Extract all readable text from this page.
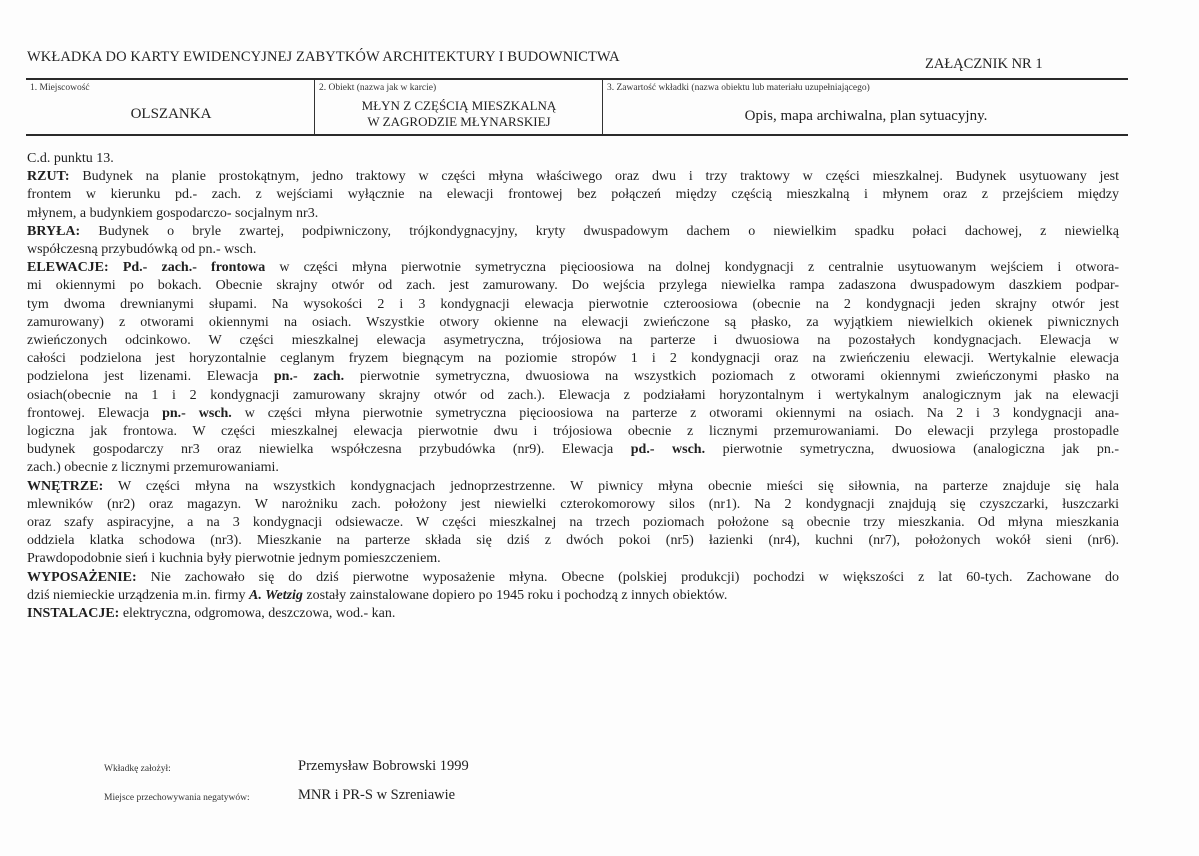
WKŁADKA DO KARTY EWIDENCYJNEJ ZABYTKÓW ARCHITEKTURY I BUDOWNICTWA	ZAŁĄCZNIK NR 1
1. Miejscowość
OLSZANKA
2. Obiekt (nazwa jak w karcie)
MŁYN Z CZĘŚCIĄ MIESZKALNĄ
W ZAGRODZIE MŁYNARSKIEJ
3. Zawartość wkładki (nazwa obiektu lub materiału uzupełniającego)
Opis, mapa archiwalna, plan sytuacyjny.
C.d. punktu 13.
RZUT: Budynek na planie prostokątnym, jedno traktowy w części młyna właściwego oraz dwu i trzy traktowy w części mieszkalnej. Budynek usytuowany jest
frontem w kierunku pd.- zach. z wejściami wyłącznie na elewacji frontowej bez połączeń między częścią mieszkalną i młynem oraz z przejściem między
młynem, a budynkiem gospodarczo- socjalnym nr3.
BRYŁA: Budynek o bryle zwartej, podpiwniczony, trójkondygnacyjny, kryty dwuspadowym dachem o niewielkim spadku połaci dachowej, z niewielką
współczesną przybudówką od pn.- wsch.
ELEWACJE: Pd.- zach.- frontowa w części młyna pierwotnie symetryczna pięcioosiowa na dolnej kondygnacji z centralnie usytuowanym wejściem i otwora-
mi okiennymi po bokach. Obecnie skrajny otwór od zach. jest zamurowany. Do wejścia przylega niewielka rampa zadaszona dwuspadowym daszkiem podpar-
tym dwoma drewnianymi słupami. Na wysokości 2 i 3 kondygnacji elewacja pierwotnie czteroosiowa (obecnie na 2 kondygnacji jeden skrajny otwór jest
zamurowany) z otworami okiennymi na osiach. Wszystkie otwory okienne na elewacji zwieńczone są płasko, za wyjątkiem niewielkich okienek piwnicznych
zwieńczonych odcinkowo. W części mieszkalnej elewacja asymetryczna, trójosiowa na parterze i dwuosiowa na pozostałych kondygnacjach. Elewacja w
całości podzielona jest horyzontalnie ceglanym fryzem biegnącym na poziomie stropów 1 i 2 kondygnacji oraz na zwieńczeniu elewacji. Wertykalnie elewacja
podzielona jest lizenami. Elewacja pn.- zach. pierwotnie symetryczna, dwuosiowa na wszystkich poziomach z otworami okiennymi zwieńczonymi płasko na
osiach(obecnie na 1 i 2 kondygnacji zamurowany skrajny otwór od zach.). Elewacja z podziałami horyzontalnym i wertykalnym analogicznym jak na elewacji
frontowej. Elewacja pn.- wsch. w części młyna pierwotnie symetryczna pięcioosiowa na parterze z otworami okiennymi na osiach. Na 2 i 3 kondygnacji ana-
logiczna jak frontowa. W części mieszkalnej elewacja pierwotnie dwu i trójosiowa obecnie z licznymi przemurowaniami. Do elewacji przylega prostopadle
budynek gospodarczy nr3 oraz niewielka współczesna przybudówka (nr9). Elewacja pd.- wsch. pierwotnie symetryczna, dwuosiowa (analogiczna jak pn.-
zach.) obecnie z licznymi przemurowaniami.
WNĘTRZE: W części młyna na wszystkich kondygnacjach jednoprzestrzenne. W piwnicy młyna obecnie mieści się siłownia, na parterze znajduje się hala
mlewników (nr2) oraz magazyn. W narożniku zach. położony jest niewielki czterokomorowy silos (nr1). Na 2 kondygnacji znajdują się czyszczarki, łuszczarki
oraz szafy aspiracyjne, a na 3 kondygnacji odsiewacze. W części mieszkalnej na trzech poziomach położone są obecnie trzy mieszkania. Od młyna mieszkania
oddziela klatka schodowa (nr3). Mieszkanie na parterze składa się dziś z dwóch pokoi (nr5) łazienki (nr4), kuchni (nr7), położonych wokół sieni (nr6).
Prawdopodobnie sień i kuchnia były pierwotnie jednym pomieszczeniem.
WYPOSAŻENIE: Nie zachowało się do dziś pierwotne wyposażenie młyna. Obecne (polskiej produkcji) pochodzi w większości z lat 60-tych. Zachowane do
dziś niemieckie urządzenia m.in. firmy A. Wetzig zostały zainstalowane dopiero po 1945 roku i pochodzą z innych obiektów.
INSTALACJE: elektryczna, odgromowa, deszczowa, wod.- kan.
Wkładkę założył:	Przemysław Bobrowski 1999
Miejsce przechowywania negatywów:	MNR i PR-S w Szreniawie
